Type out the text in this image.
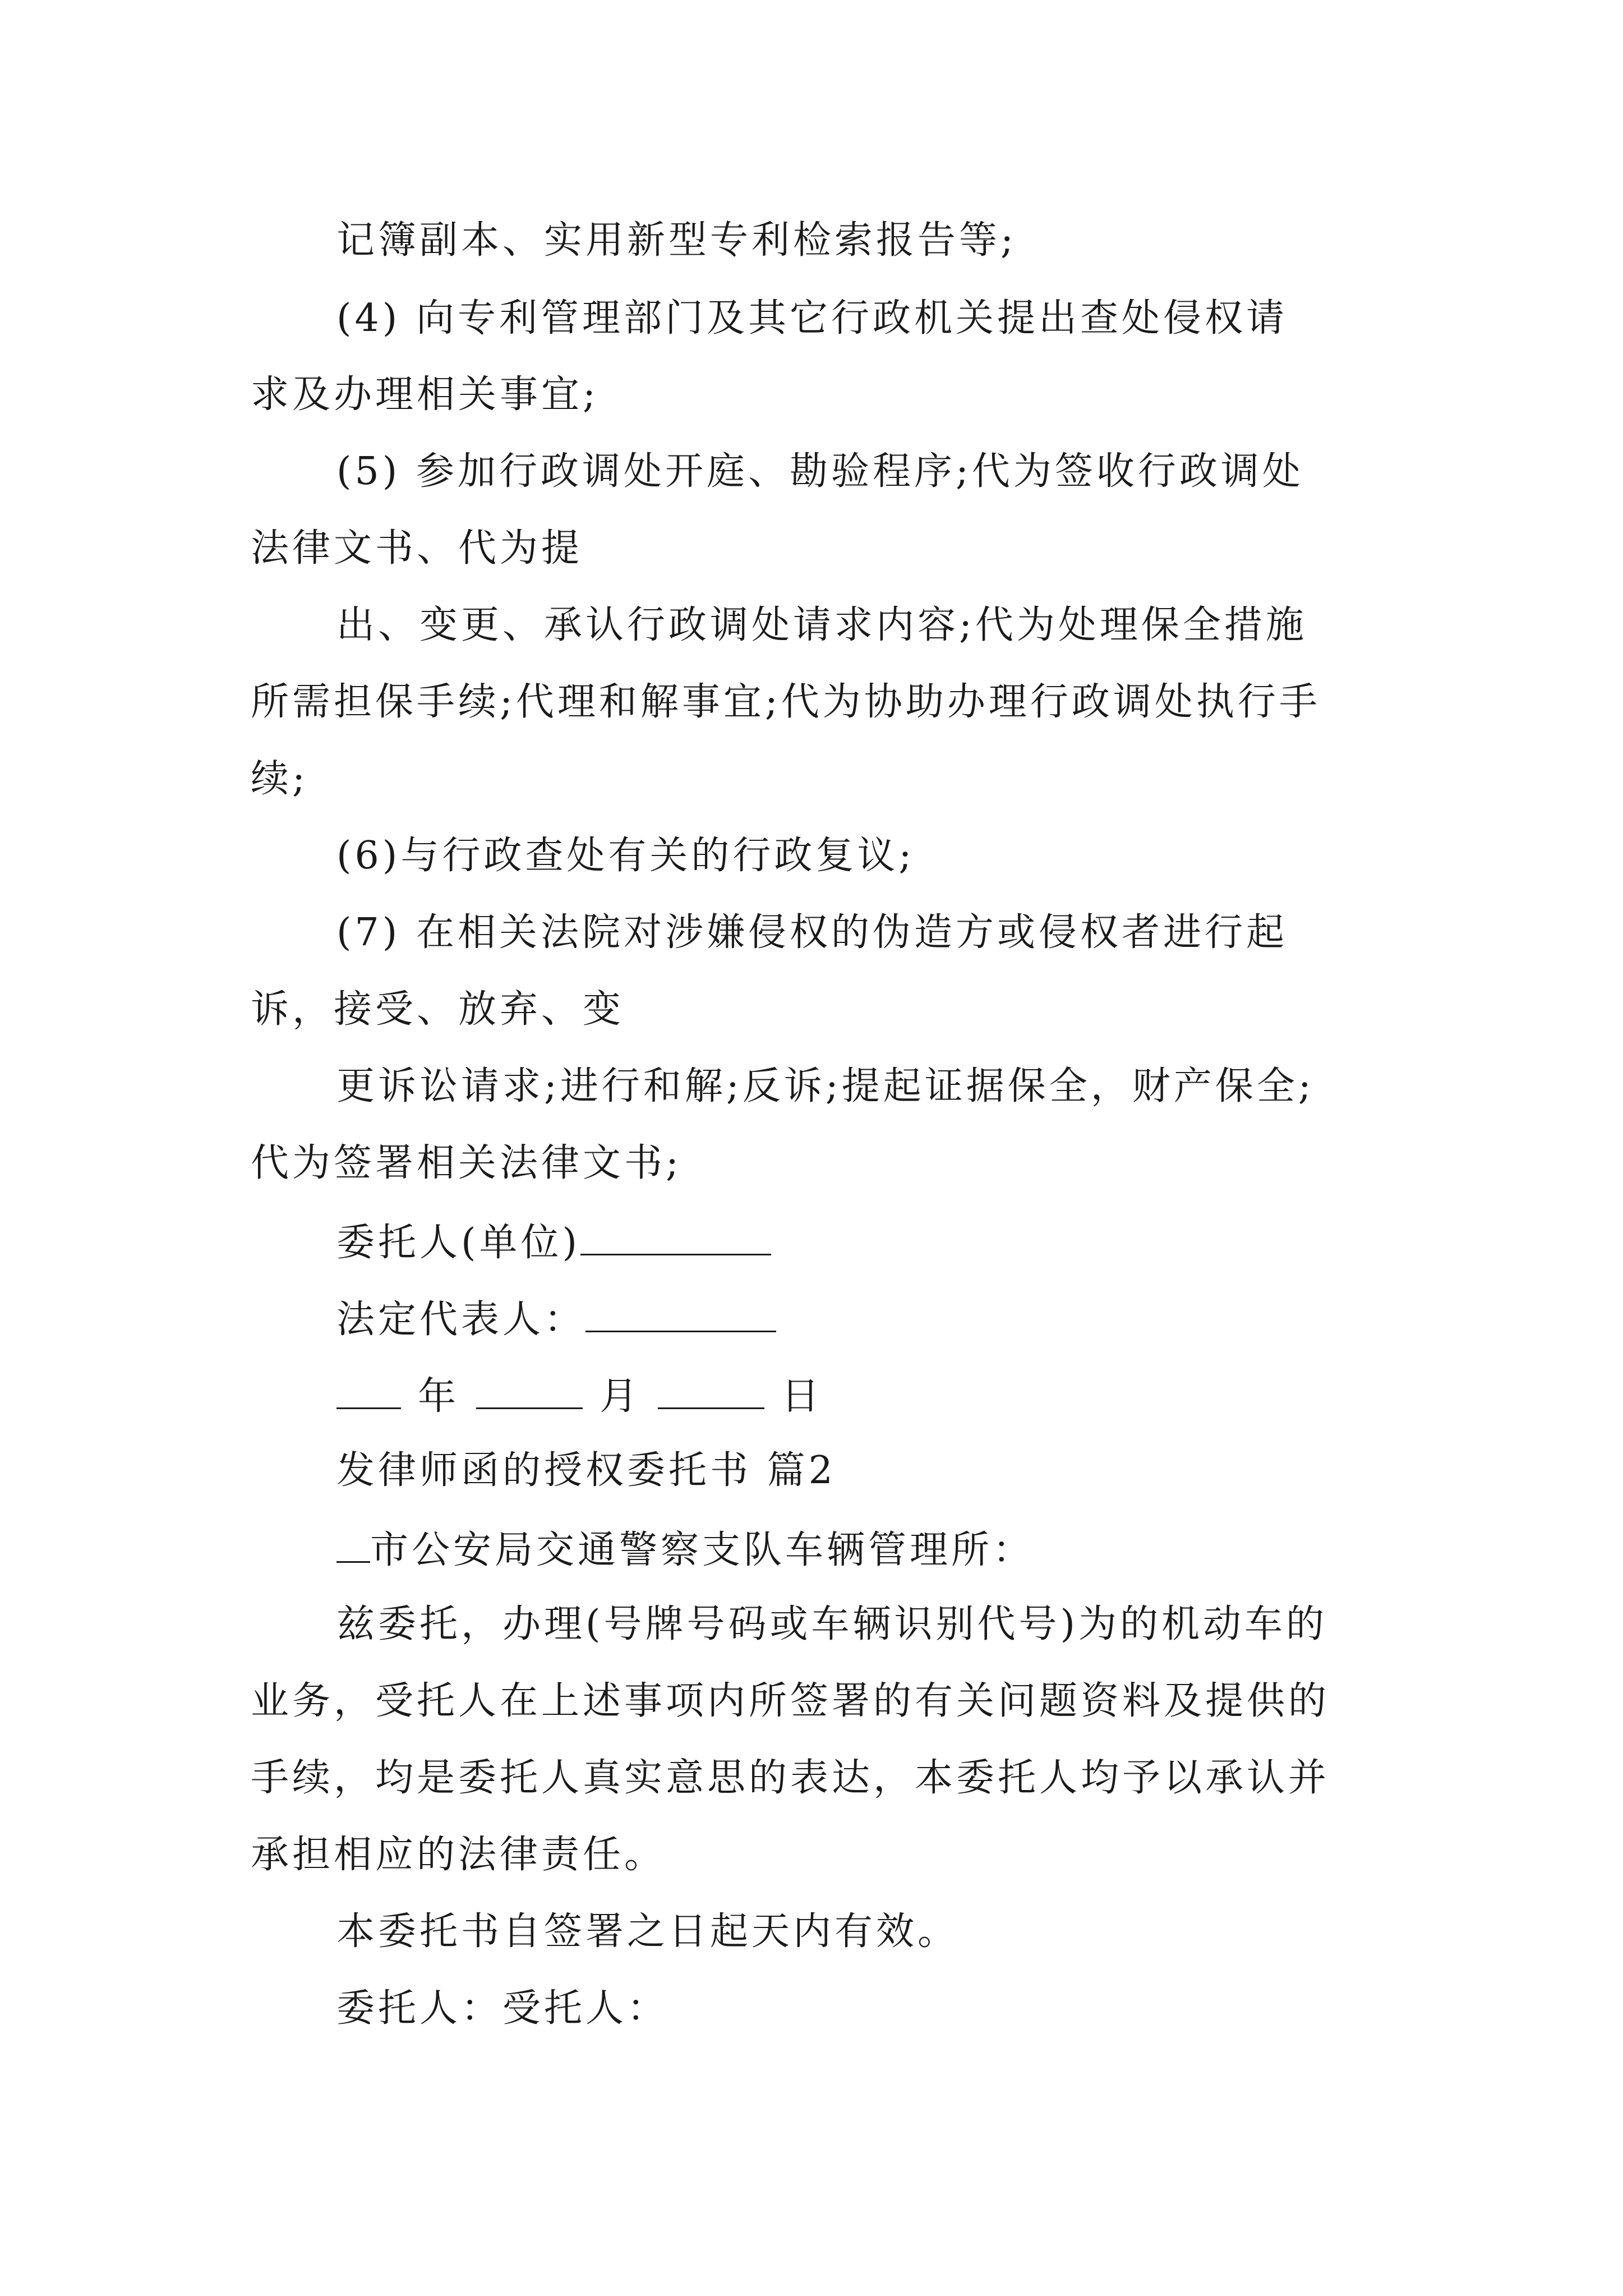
记簿副本、实用新型专利检索报告等;
(4) 向专利管理部门及其它行政机关提出查处侵权请
求及办理相关事宜;
(5) 参加行政调处开庭、勘验程序;代为签收行政调处
法律文书、代为提
出、变更、承认行政调处请求内容;代为处理保全措施
所需担保手续;代理和解事宜;代为协助办理行政调处执行手
续;
(6)与行政查处有关的行政复议;
(7) 在相关法院对涉嫌侵权的伪造方或侵权者进行起
诉，接受、放弃、变
更诉讼请求;进行和解;反诉;提起证据保全，财产保全;
代为签署相关法律文书;
委托人(单位)
法定代表人：
年	月	日
发律师函的授权委托书 篇2
市公安局交通警察支队车辆管理所：
兹委托，办理(号牌号码或车辆识别代号)为的机动车的
业务，受托人在上述事项内所签署的有关问题资料及提供的
手续，均是委托人真实意思的表达，本委托人均予以承认并
承担相应的法律责任。
本委托书自签署之日起天内有效。
委托人：受托人：
